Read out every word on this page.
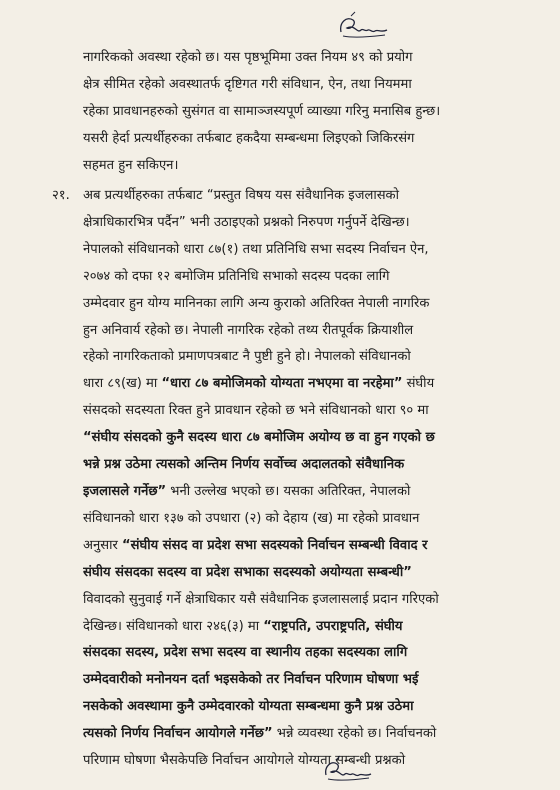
नागरिकको अवस्था रहेको छ। यस पृष्ठभूमिमा उक्त नियम ४९ को प्रयोग
क्षेत्र सीमित रहेको अवस्थातर्फ दृष्टिगत गरी संविधान, ऐन, तथा नियममा
रहेका प्रावधानहरुको सुसंगत वा सामाञ्जस्यपूर्ण व्याख्या गरिनु मनासिब हुन्छ।
यसरी हेर्दा प्रत्यर्थीहरुका तर्फबाट हकदैया सम्बन्धमा लिइएको जिकिरसंग
सहमत हुन सकिएन।
२१. अब प्रत्यर्थीहरुका तर्फबाट “प्रस्तुत विषय यस संवैधानिक इजलासको
क्षेत्राधिकारभित्र पर्दैन” भनी उठाइएको प्रश्नको निरुपण गर्नुपर्ने देखिन्छ।
नेपालको संविधानको धारा ८७(१) तथा प्रतिनिधि सभा सदस्य निर्वाचन ऐन,
२०७४ को दफा १२ बमोजिम प्रतिनिधि सभाको सदस्य पदका लागि
उम्मेदवार हुन योग्य मानिनका लागि अन्य कुराको अतिरिक्त नेपाली नागरिक
हुन अनिवार्य रहेको छ। नेपाली नागरिक रहेको तथ्य रीतपूर्वक क्रियाशील
रहेको नागरिकताको प्रमाणपत्रबाट नै पुष्टी हुने हो। नेपालको संविधानको
धारा ८९(ख) मा “धारा ८७ बमोजिमको योग्यता नभएमा वा नरहेमा” संघीय
संसदको सदस्यता रिक्त हुने प्रावधान रहेको छ भने संविधानको धारा ९० मा
“संघीय संसदको कुनै सदस्य धारा ८७ बमोजिम अयोग्य छ वा हुन गएको छ
भन्ने प्रश्न उठेमा त्यसको अन्तिम निर्णय सर्वोच्च अदालतको संवैधानिक
इजलासले गर्नेछ” भनी उल्लेख भएको छ। यसका अतिरिक्त, नेपालको
संविधानको धारा १३७ को उपधारा (२) को देहाय (ख) मा रहेको प्रावधान
अनुसार “संघीय संसद वा प्रदेश सभा सदस्यको निर्वाचन सम्बन्धी विवाद र
संघीय संसदका सदस्य वा प्रदेश सभाका सदस्यको अयोग्यता सम्बन्धी”
विवादको सुनुवाई गर्ने क्षेत्राधिकार यसै संवैधानिक इजलासलाई प्रदान गरिएको
देखिन्छ। संविधानको धारा २४६(३) मा “राष्ट्रपति, उपराष्ट्रपति, संघीय
संसदका सदस्य, प्रदेश सभा सदस्य वा स्थानीय तहका सदस्यका लागि
उम्मेदवारीको मनोनयन दर्ता भइसकेको तर निर्वाचन परिणाम घोषणा भई
नसकेको अवस्थामा कुनै उम्मेदवारको योग्यता सम्बन्धमा कुनै प्रश्न उठेमा
त्यसको निर्णय निर्वाचन आयोगले गर्नेछ” भन्ने व्यवस्था रहेको छ। निर्वाचनको
परिणाम घोषणा भैसकेपछि निर्वाचन आयोगले योग्यता सम्बन्धी प्रश्नको
